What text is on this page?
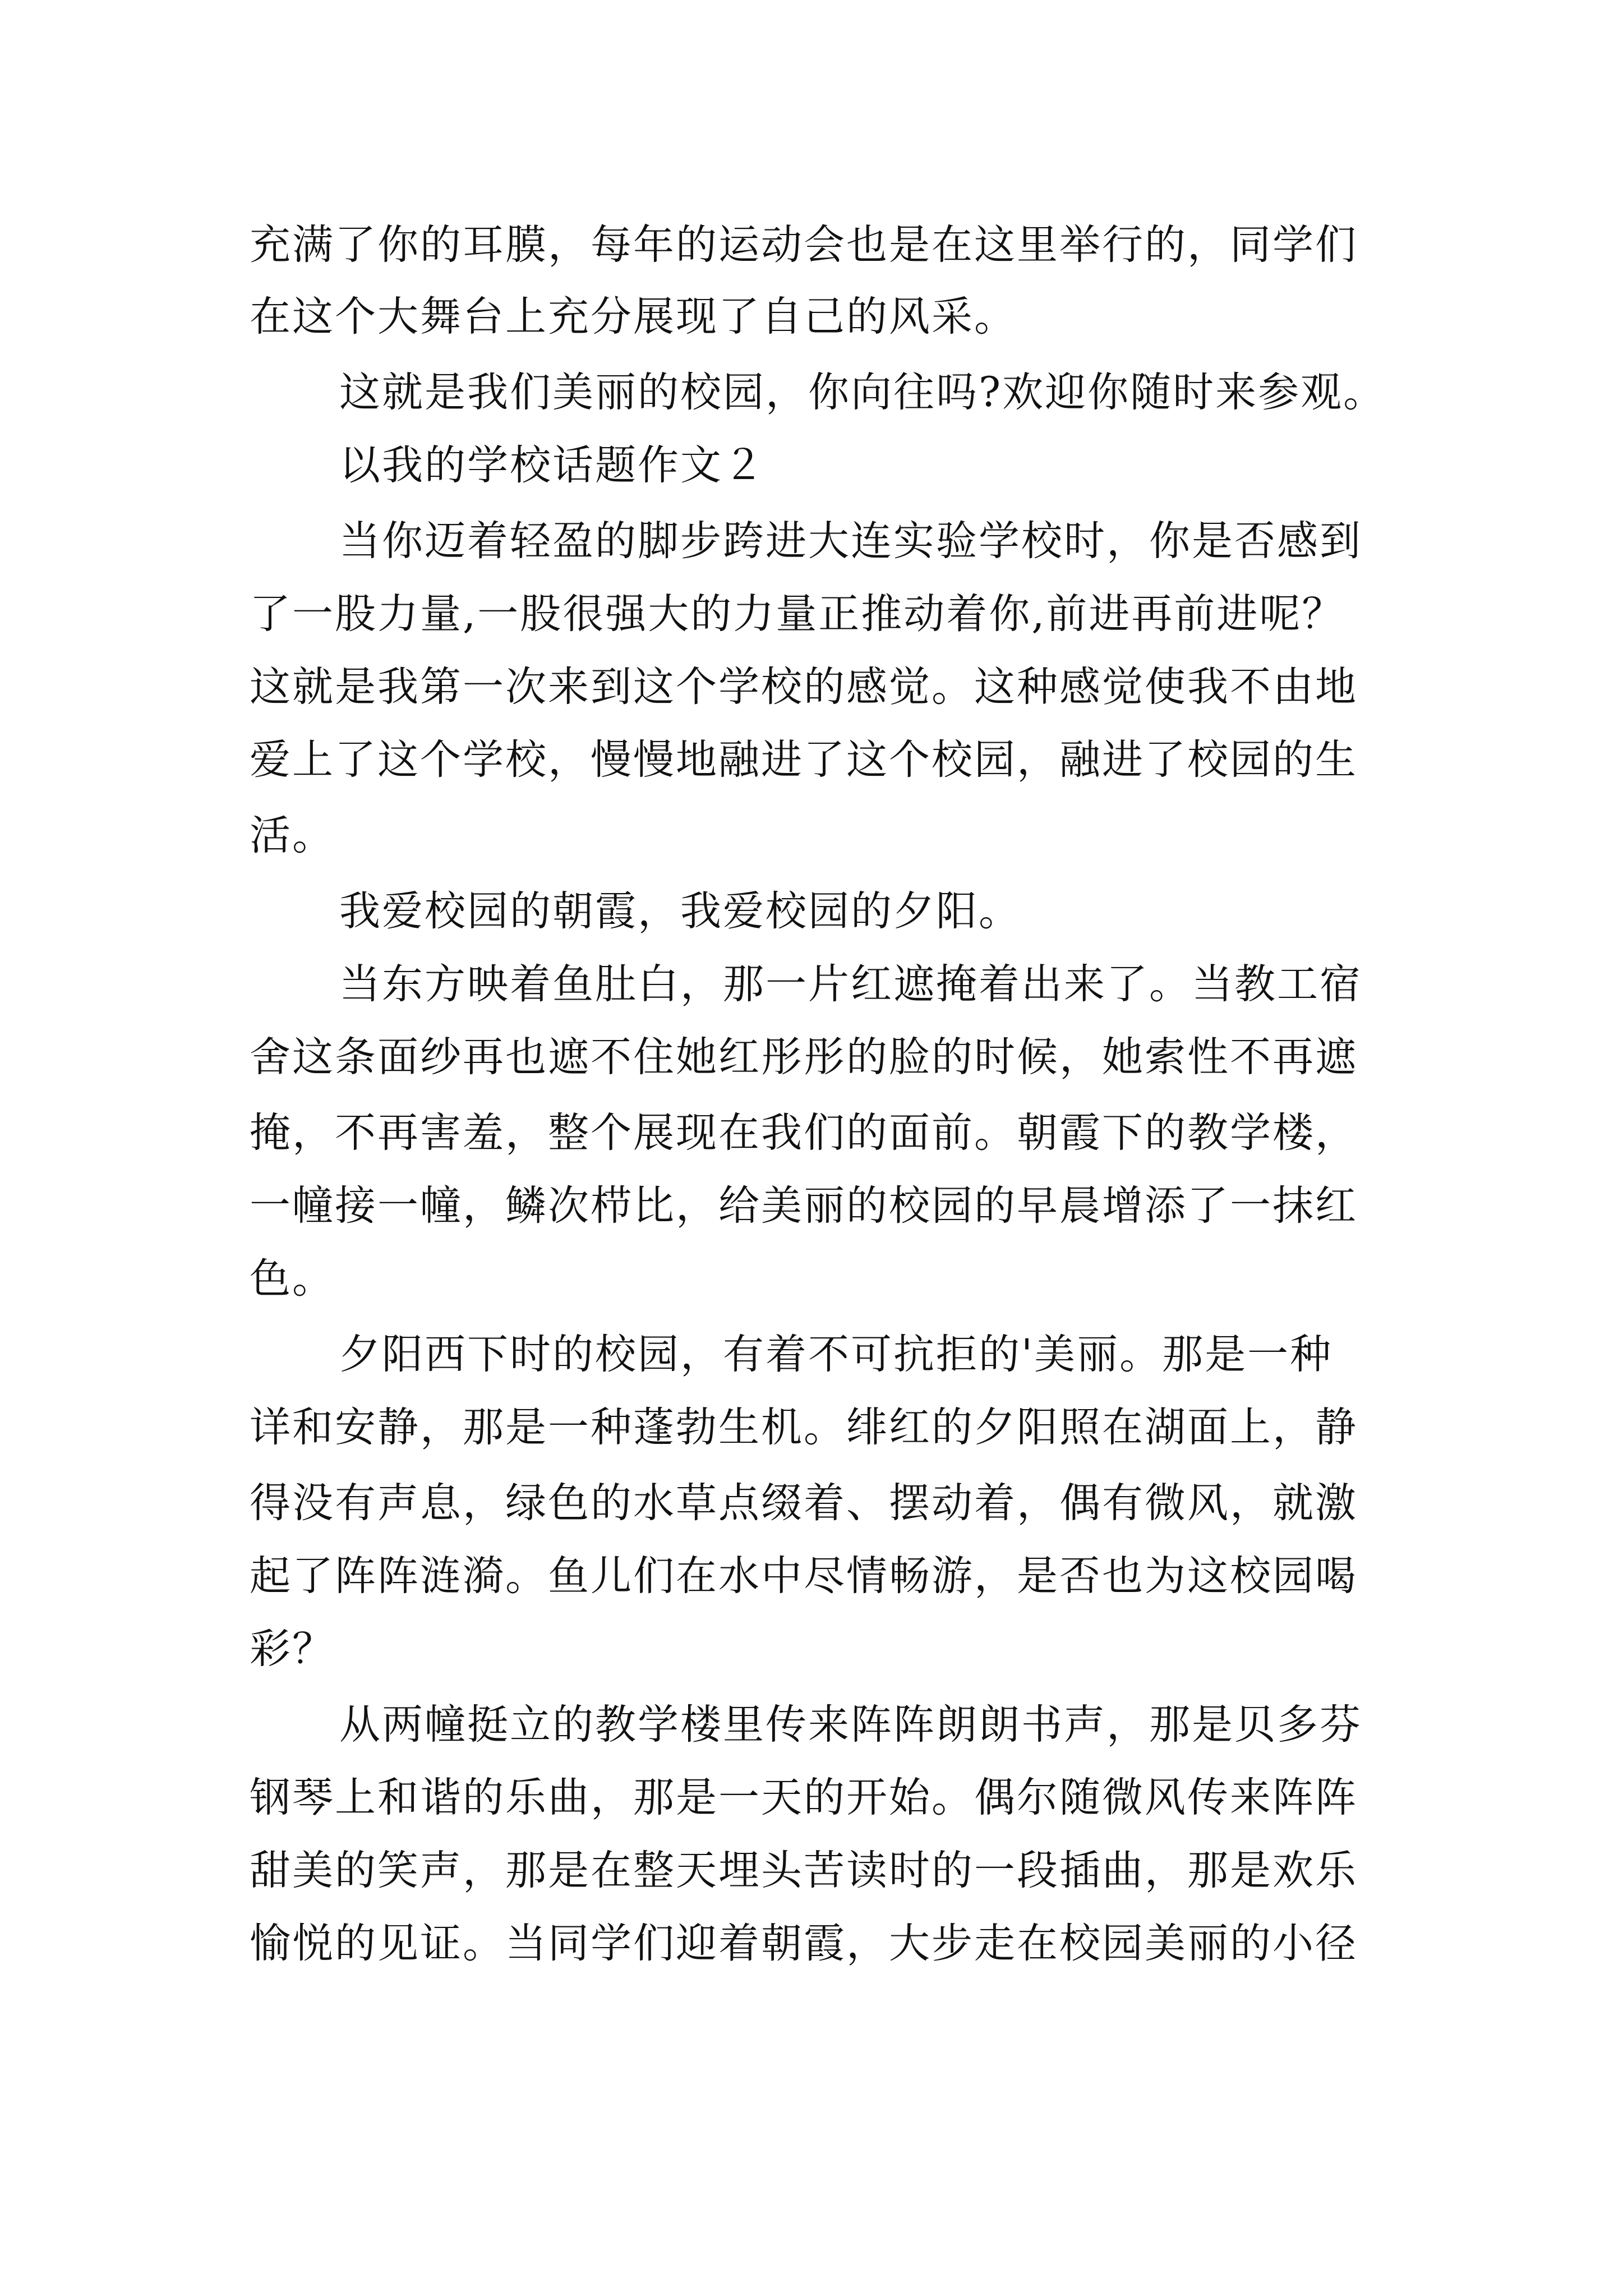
充满了你的耳膜，每年的运动会也是在这里举行的，同学们
在这个大舞台上充分展现了自己的风采。
这就是我们美丽的校园，你向往吗?欢迎你随时来参观。
以我的学校话题作文２
当你迈着轻盈的脚步跨进大连实验学校时，你是否感到
了一股力量,一股很强大的力量正推动着你,前进再前进呢？
这就是我第一次来到这个学校的感觉。这种感觉使我不由地
爱上了这个学校，慢慢地融进了这个校园，融进了校园的生
活。
我爱校园的朝霞，我爱校园的夕阳。
当东方映着鱼肚白，那一片红遮掩着出来了。当教工宿
舍这条面纱再也遮不住她红彤彤的脸的时候，她索性不再遮
掩，不再害羞，整个展现在我们的面前。朝霞下的教学楼，
一幢接一幢，鳞次栉比，给美丽的校园的早晨增添了一抹红
色。
夕阳西下时的校园，有着不可抗拒的'美丽。那是一种
详和安静，那是一种蓬勃生机。绯红的夕阳照在湖面上，静
得没有声息，绿色的水草点缀着、摆动着，偶有微风，就激
起了阵阵涟漪。鱼儿们在水中尽情畅游，是否也为这校园喝
彩？
从两幢挺立的教学楼里传来阵阵朗朗书声，那是贝多芬
钢琴上和谐的乐曲，那是一天的开始。偶尔随微风传来阵阵
甜美的笑声，那是在整天埋头苦读时的一段插曲，那是欢乐
愉悦的见证。当同学们迎着朝霞，大步走在校园美丽的小径
